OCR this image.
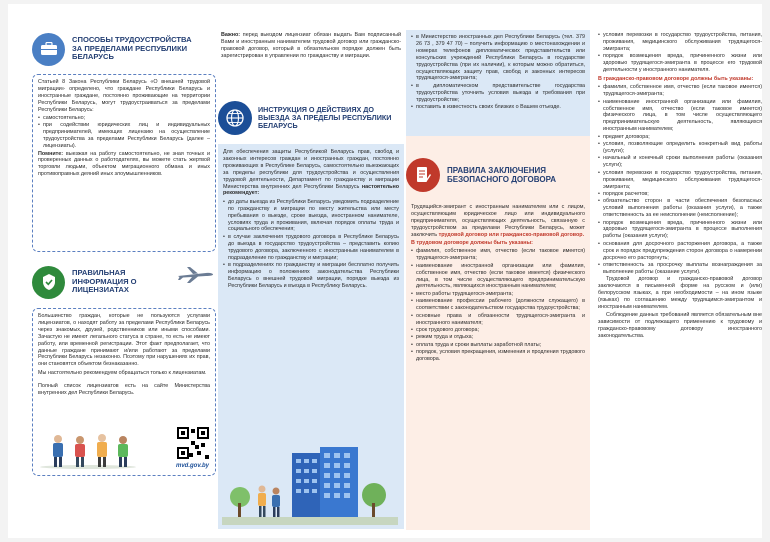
СПОСОБЫ ТРУДОУСТРОЙСТВА ЗА ПРЕДЕЛАМИ РЕСПУБЛИКИ БЕЛАРУСЬ

Статьей 8 Закона Республики Беларусь «О внешней трудовой миграции» определено, что граждане Республики Беларусь и иностранные граждане, постоянно проживающие на территории Республики Беларусь, могут трудоустраиваться за пределами Республики Беларусь:

• самостоятельно;
• при содействии юридических лиц и индивидуальных предпринимателей, имеющих лицензию на осуществление трудоустройства за пределами Республики Беларусь (далее – лицензиаты).

Помните: выезжая на работу самостоятельно, не зная точных и проверенных данных о работодателях, вы можете стать жертвой торговли людьми, объектом миграционного обмана и иных противоправных деяний иных злоумышленников.

ПРАВИЛЬНАЯ ИНФОРМАЦИЯ О ЛИЦЕНЗИАТАХ

Большинство граждан, которые не пользуются услугами лицензиатов, о находят работу за пределами Республики Беларусь через знакомых, друзей, родственников или иными способами. Зачастую не имеют легального статуса в стране, то есть не имеют работу, или временной регистрации. Этот факт предполагает, что данные граждане принимают и/или работают за пределами Республики Беларусь незаконно. Поэтому при нарушениях их прав, они становятся объектом безнаказанно.

Мы настоятельно рекомендуем обращаться только к лицензиатам.

Полный список лицензиатов есть на сайте Министерства внутренних дел Республики Беларусь.

mvd.gov.by
Важно: перед выездом лицензиат обязан выдать Вам подписанный Вами и иностранным нанимателем трудовой договор или гражданско-правовой договор, который в обязательном порядке должен быть зарегистрирован в управлении по гражданству и миграции.
ИНСТРУКЦИЯ О ДЕЙСТВИЯХ ДО ВЫЕЗДА ЗА ПРЕДЕЛЫ РЕСПУБЛИКИ БЕЛАРУСЬ

Для обеспечения защиты Республикой Беларусь прав, свобод и законных интересов граждан и иностранных граждан, постоянно проживающих в Республике Беларусь, самостоятельно выезжающих за пределы республики для трудоустройства и осуществления трудовой деятельности, Департамент по гражданству и миграции Министерства внутренних дел Республики Беларусь настоятельно рекомендует:

• до даты выезда из Республики Беларусь уведомить подразделение по гражданству и миграции по месту жительства или месту пребывания о выезде, сроке выезда, иностранном нанимателе, условиях труда и проживания, включая порядок оплаты труда и социального обеспечения;
• в случае заключения трудового договора в Республике Беларусь до выезда в государство трудоустройства – представить копию трудового договора, заключенного с иностранным нанимателем в подразделение по гражданству и миграции;
• в подразделениях по гражданству и миграции бесплатно получить информацию о положениях законодательства Республики Беларусь о внешней трудовой миграции, порядке выезда из Республики Беларусь и въезда в Республику Беларусь.
• в Министерство иностранных дел Республики Беларусь (тел. 379 26 73 , 379 47 70) – получить информацию о местонахождении и номерах телефонов дипломатических представительств или консульских учреждений Республики Беларусь в государстве трудоустройства (при их наличии), к которым можно обратиться, осуществляющих защиту прав, свобод и законных интересов трудящегося-эмигранта;
• в дипломатическом представительстве государства трудоустройства уточнить условия выезда и требования при трудоустройстве;
• поставить в известность своих близких о Вашем отъезде.
ПРАВИЛА ЗАКЛЮЧЕНИЯ БЕЗОПАСНОГО ДОГОВОРА

Трудящийся-эмигрант с иностранным нанимателем или с лицом, осуществляющим юридическое лицо или индивидуального предпринимателя, осуществляющих деятельность, связанную с трудоустройством за пределами Республики Беларусь, может заключить трудовой договор или гражданско-правовой договор.

В трудовом договоре должны быть указаны:

• фамилия, собственное имя, отчество (если таковое имеется) трудящегося-эмигранта;
• наименование иностранной организации или фамилия, собственное имя, отчество (если таковое имеется) физического лица, в том числе осуществляющего предпринимательскую деятельность, являющихся иностранным нанимателем;
• место работы трудящегося-эмигранта;
• наименование профессии рабочего (должности служащего) в соответствии с законодательством государства трудоустройства;
• основные права и обязанности трудящегося-эмигранта и иностранного нанимателя;
• срок трудового договора;
• режим труда и отдыха;
• оплата труда и сроки выплаты заработной платы;
• порядок, условия прекращения, изменения и продления трудового договора.
• условия перевозки в государство трудоустройства, питания, проживания, медицинского обслуживания трудящегося-эмигранта;
• порядок возмещения вреда, причиненного жизни или здоровью трудящегося-эмигранта в процессе его трудовой деятельности у иностранного нанимателя.

В гражданско-правовом договоре должны быть указаны:

• фамилия, собственное имя, отчество (если таковое имеется) трудящегося-эмигранта;
• наименование иностранной организации или фамилия, собственное имя, отчество (если таковое имеется) физического лица, в том числе осуществляющего предпринимательскую деятельность, являющихся иностранным нанимателем;
• предмет договора;
• условия, позволяющие определить конкретный вид работы (услуги);
• начальный и конечный сроки выполнения работы (оказания услуги);
• условия перевозки в государство трудоустройства, питания, проживания, медицинского обслуживания трудящегося-эмигранта;
• порядок расчетов;
• обязательство сторон в части обеспечения безопасных условий выполнения работы (оказания услуги), а также ответственность за ее неисполнение (неисполнение);
• порядок возмещения вреда, причиненного жизни или здоровью трудящегося-эмигранта в процессе выполнения работы (оказания услуги);
• основания для досрочного расторжения договора, а также срок и порядок предупреждения сторон договора о намерении досрочно его расторгнуть;
• ответственность за просрочку выплаты вознаграждения за выполнение работы (оказание услуги).

Трудовой договор и гражданско-правовой договор заключаются в письменной форме на русском и (или) белорусском языках, а при необходимости – на ином языке (языках) по соглашению между трудящимся-эмигрантом и иностранным нанимателем.

Соблюдение данных требований является обязательным вне зависимости от подлежащего применению к трудовому и гражданско-правовому договору иностранного законодательства.
